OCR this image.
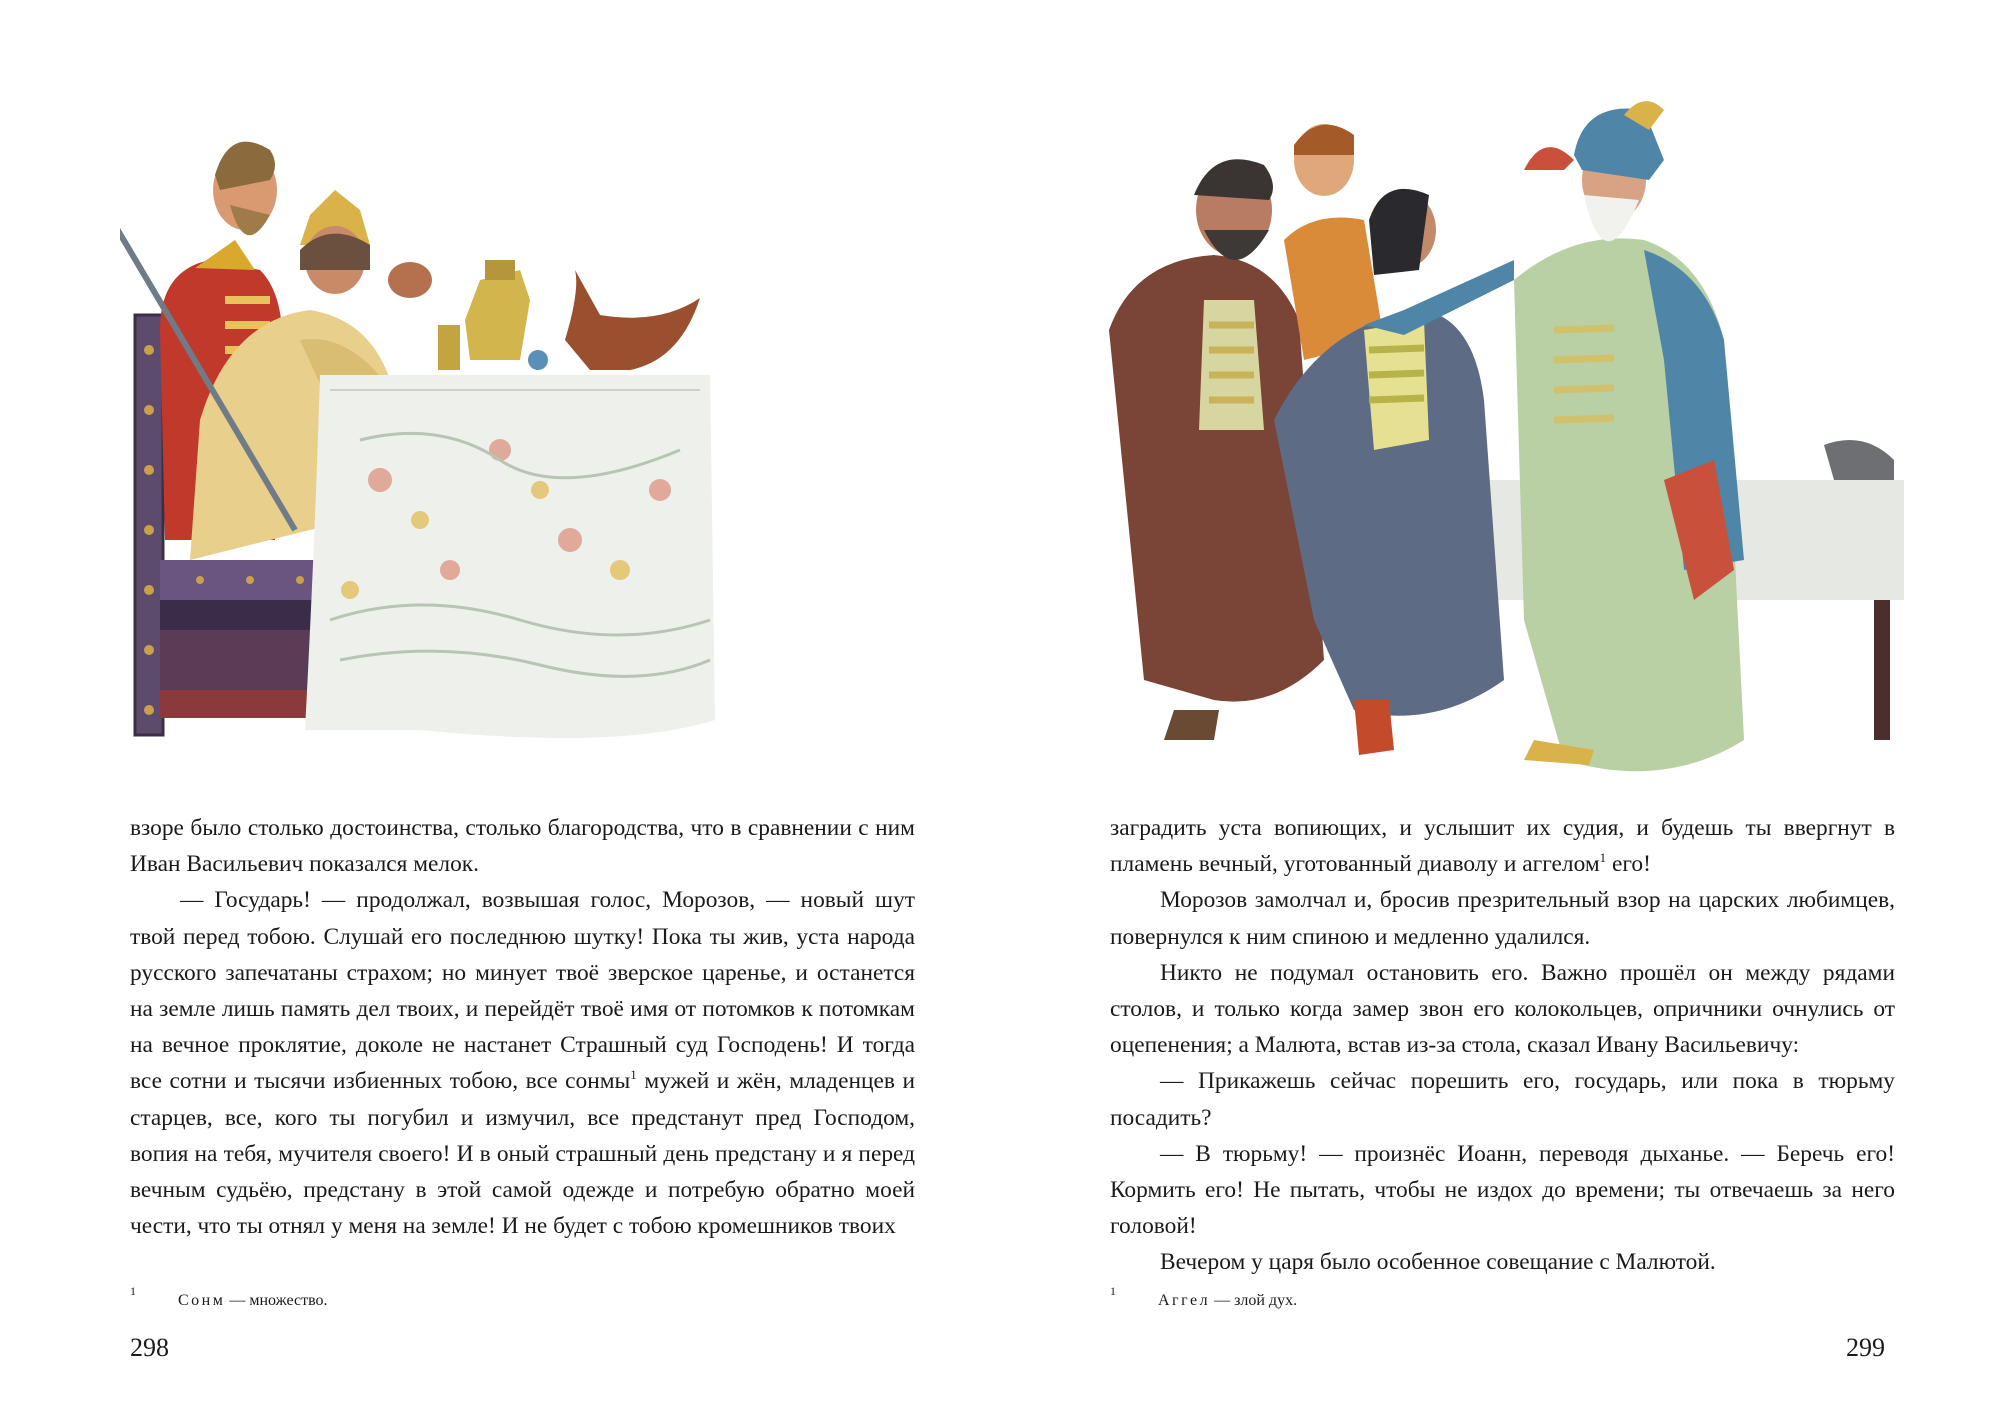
взоре было столько достоинства, столько благородства, что в сравнении с ним Иван Васильевич показался мелок.

— Государь! — продолжал, возвышая голос, Морозов, — новый шут твой перед тобою. Слушай его последнюю шутку! Пока ты жив, уста народа русского запечатаны страхом; но минует твоё зверское царенье, и останется на земле лишь память дел твоих, и перейдёт твоё имя от потомков к потомкам на вечное проклятие, доколе не настанет Страшный суд Господень! И тогда все сотни и тысячи избиенных тобою, все сонмы$^1$ мужей и жён, младенцев и старцев, все, кого ты погубил и измучил, все предстанут пред Господом, вопия на тебя, мучителя своего! И в оный страшный день предстану и я перед вечным судьёю, предстану в этой самой одежде и потребую обратно моей чести, что ты отнял у меня на земле! И не будет с тобою кромешников твоих

1
Сонм — множество.
298

заградить уста вопиющих, и услышит их судия, и будешь ты ввергнут в пламень вечный, уготованный диаволу и аггелом$^1$ его!

Морозов замолчал и, бросив презрительный взор на царских любимцев, повернулся к ним спиною и медленно удалился.

Никто не подумал остановить его. Важно прошёл он между рядами столов, и только когда замер звон его колокольцев, опричники очнулись от оцепенения; а Малюта, встав из-за стола, сказал Ивану Васильевичу:

— Прикажешь сейчас порешить его, государь, или пока в тюрьму посадить?

— В тюрьму! — произнёс Иоанн, переводя дыханье. — Беречь его! Кормить его! Не пытать, чтобы не издох до времени; ты отвечаешь за него головой!

Вечером у царя было особенное совещание с Малютой.

1
Аггел — злой дух.
299
